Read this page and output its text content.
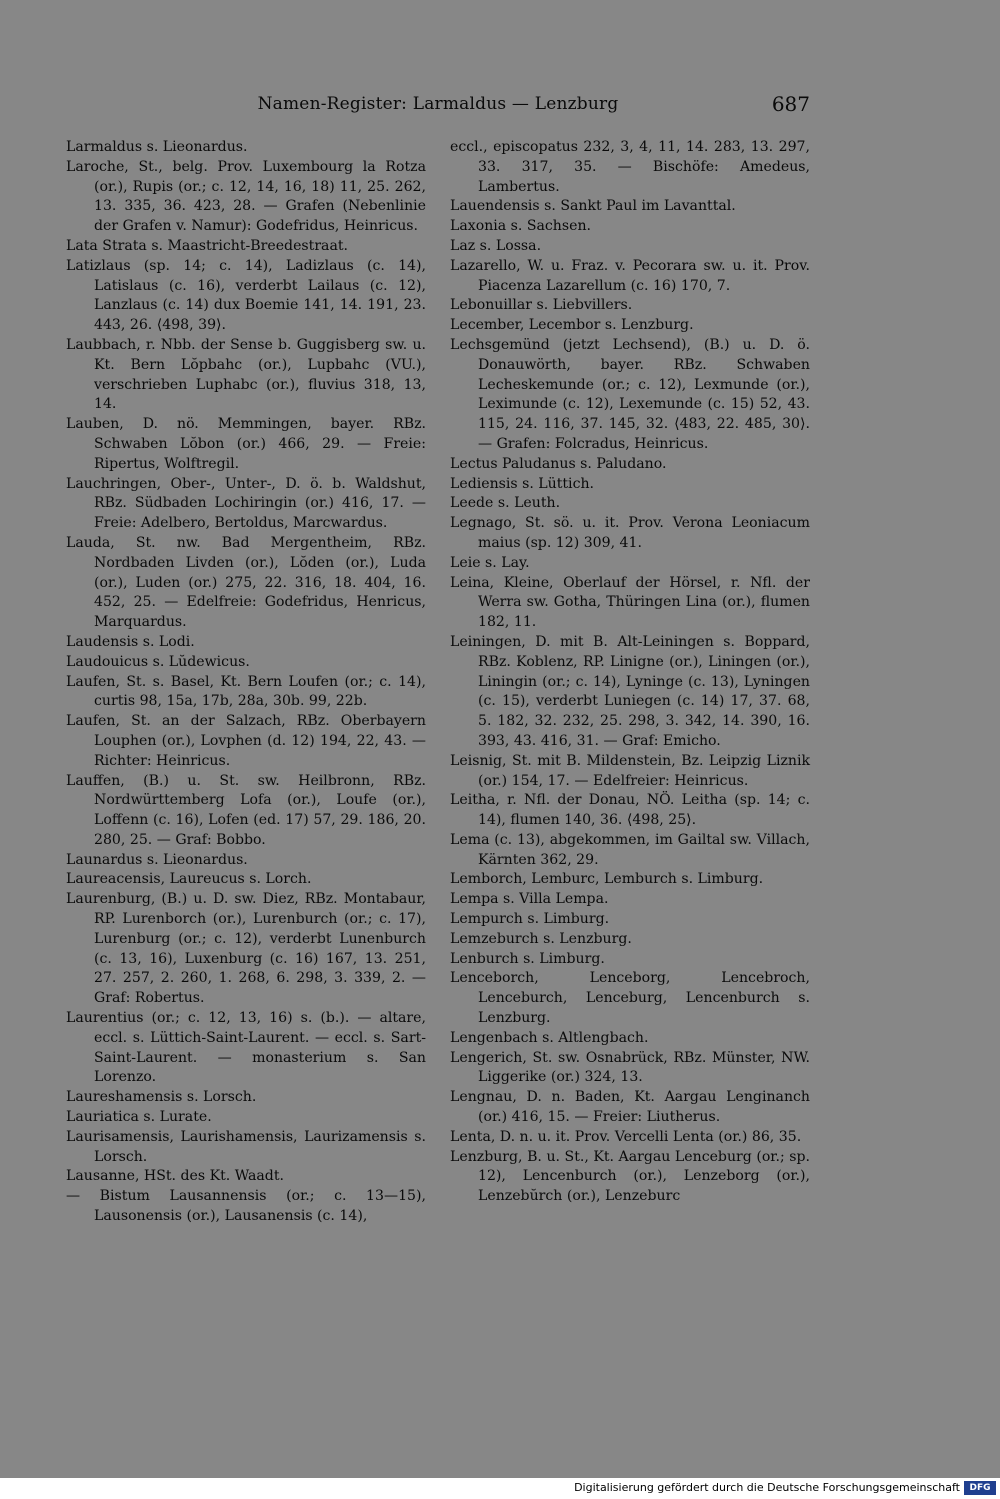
Namen-Register: Larmaldus — Lenzburg	687
Larmaldus s. Lieonardus.
Laroche, St., belg. Prov. Luxembourg la Rotza (or.), Rupis (or.; c. 12, 14, 16, 18) 11, 25. 262, 13. 335, 36. 423, 28. — Grafen (Nebenlinie der Grafen v. Namur): Godefridus, Heinricus.
Lata Strata s. Maastricht-Breedestraat.
Latizlaus (sp. 14; c. 14), Ladizlaus (c. 14), Latislaus (c. 16), verderbt Lailaus (c. 12), Lanzlaus (c. 14) dux Boemie 141, 14. 191, 23. 443, 26. ⟨498, 39⟩.
Laubbach, r. Nbb. der Sense b. Guggisberg sw. u. Kt. Bern Lŏpbahc (or.), Lupbahc (VU.), verschrieben Luphabc (or.), fluvius 318, 13, 14.
Lauben, D. nö. Memmingen, bayer. RBz. Schwaben Lŏbon (or.) 466, 29. — Freie: Ripertus, Wolftregil.
Lauchringen, Ober-, Unter-, D. ö. b. Waldshut, RBz. Südbaden Lochiringin (or.) 416, 17. — Freie: Adelbero, Bertoldus, Marcwardus.
Lauda, St. nw. Bad Mergentheim, RBz. Nordbaden Livden (or.), Lŏden (or.), Luda (or.), Luden (or.) 275, 22. 316, 18. 404, 16. 452, 25. — Edelfreie: Godefridus, Henricus, Marquardus.
Laudensis s. Lodi.
Laudouicus s. Lŭdewicus.
Laufen, St. s. Basel, Kt. Bern Loufen (or.; c. 14), curtis 98, 15a, 17b, 28a, 30b. 99, 22b.
Laufen, St. an der Salzach, RBz. Oberbayern Louphen (or.), Lovphen (d. 12) 194, 22, 43. — Richter: Heinricus.
Lauffen, (B.) u. St. sw. Heilbronn, RBz. Nordwürttemberg Lofa (or.), Loufe (or.), Loffenn (c. 16), Lofen (ed. 17) 57, 29. 186, 20. 280, 25. — Graf: Bobbo.
Launardus s. Lieonardus.
Laureacensis, Laureucus s. Lorch.
Laurenburg, (B.) u. D. sw. Diez, RBz. Montabaur, RP. Lurenborch (or.), Lurenburch (or.; c. 17), Lurenburg (or.; c. 12), verderbt Lunenburch (c. 13, 16), Luxenburg (c. 16) 167, 13. 251, 27. 257, 2. 260, 1. 268, 6. 298, 3. 339, 2. — Graf: Robertus.
Laurentius (or.; c. 12, 13, 16) s. (b.). — altare, eccl. s. Lüttich-Saint-Laurent. — eccl. s. Sart-Saint-Laurent. — monasterium s. San Lorenzo.
Laureshamensis s. Lorsch.
Lauriatica s. Lurate.
Laurisamensis, Laurishamensis, Laurizamensis s. Lorsch.
Lausanne, HSt. des Kt. Waadt.
— Bistum Lausannensis (or.; c. 13—15), Lausonensis (or.), Lausanensis (c. 14),
eccl., episcopatus 232, 3, 4, 11, 14. 283, 13. 297, 33. 317, 35. — Bischöfe: Amedeus, Lambertus.
Lauendensis s. Sankt Paul im Lavanttal.
Laxonia s. Sachsen.
Laz s. Lossa.
Lazarello, W. u. Fraz. v. Pecorara sw. u. it. Prov. Piacenza Lazarellum (c. 16) 170, 7.
Lebonuillar s. Liebvillers.
Lecember, Lecembor s. Lenzburg.
Lechsgemünd (jetzt Lechsend), (B.) u. D. ö. Donauwörth, bayer. RBz. Schwaben Lecheskemunde (or.; c. 12), Lexmunde (or.), Leximunde (c. 12), Lexemunde (c. 15) 52, 43. 115, 24. 116, 37. 145, 32. ⟨483, 22. 485, 30⟩. — Grafen: Folcradus, Heinricus.
Lectus Paludanus s. Paludano.
Lediensis s. Lüttich.
Leede s. Leuth.
Legnago, St. sö. u. it. Prov. Verona Leoniacum maius (sp. 12) 309, 41.
Leie s. Lay.
Leina, Kleine, Oberlauf der Hörsel, r. Nfl. der Werra sw. Gotha, Thüringen Lina (or.), flumen 182, 11.
Leiningen, D. mit B. Alt-Leiningen s. Boppard, RBz. Koblenz, RP. Linigne (or.), Liningen (or.), Liningin (or.; c. 14), Lyninge (c. 13), Lyningen (c. 15), verderbt Luniegen (c. 14) 17, 37. 68, 5. 182, 32. 232, 25. 298, 3. 342, 14. 390, 16. 393, 43. 416, 31. — Graf: Emicho.
Leisnig, St. mit B. Mildenstein, Bz. Leipzig Liznik (or.) 154, 17. — Edelfreier: Heinricus.
Leitha, r. Nfl. der Donau, NÖ. Leitha (sp. 14; c. 14), flumen 140, 36. ⟨498, 25⟩.
Lema (c. 13), abgekommen, im Gailtal sw. Villach, Kärnten 362, 29.
Lemborch, Lemburc, Lemburch s. Limburg.
Lempa s. Villa Lempa.
Lempurch s. Limburg.
Lemzeburch s. Lenzburg.
Lenburch s. Limburg.
Lenceborch, Lenceborg, Lencebroch, Lenceburch, Lenceburg, Lencenburch s. Lenzburg.
Lengenbach s. Altlengbach.
Lengerich, St. sw. Osnabrück, RBz. Münster, NW. Liggerike (or.) 324, 13.
Lengnau, D. n. Baden, Kt. Aargau Lenginanch (or.) 416, 15. — Freier: Liutherus.
Lenta, D. n. u. it. Prov. Vercelli Lenta (or.) 86, 35.
Lenzburg, B. u. St., Kt. Aargau Lenceburg (or.; sp. 12), Lencenburch (or.), Lenzeborg (or.), Lenzebŭrch (or.), Lenzeburc
Digitalisierung gefördert durch die Deutsche Forschungsgemeinschaft	DFG
